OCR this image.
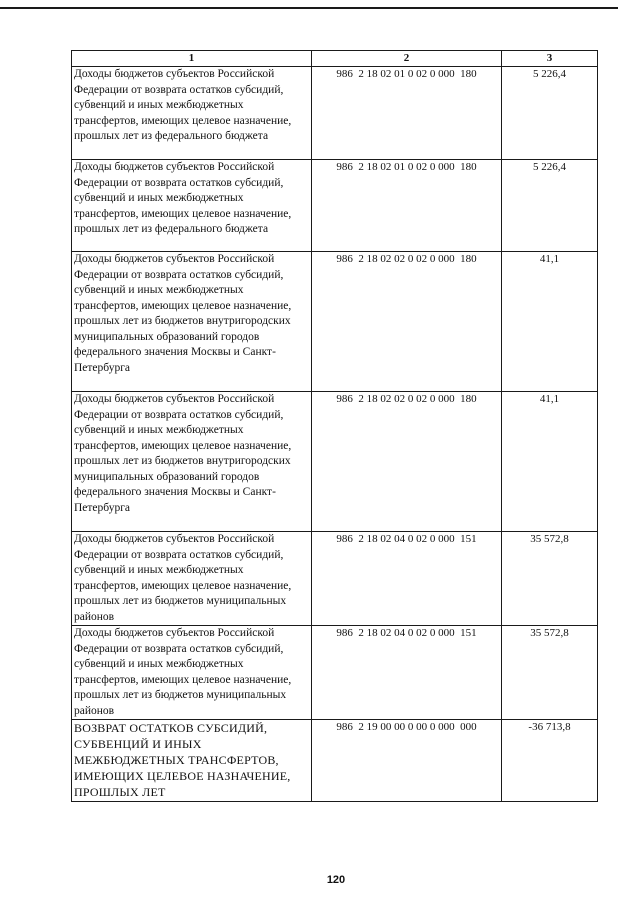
1	2	3
Доходы бюджетов субъектов Российской Федерации от возврата остатков субсидий, субвенций и иных межбюджетных трансфертов, имеющих целевое назначение, прошлых лет из федерального бюджета	986  2 18 02 01 0 02 0 000  180	5 226,4
Доходы бюджетов субъектов Российской Федерации от возврата остатков субсидий, субвенций и иных межбюджетных трансфертов, имеющих целевое назначение, прошлых лет из федерального бюджета	986  2 18 02 01 0 02 0 000  180	5 226,4
Доходы бюджетов субъектов Российской Федерации от возврата остатков субсидий, субвенций и иных межбюджетных трансфертов, имеющих целевое назначение, прошлых лет из бюджетов внутригородских муниципальных образований городов федерального значения Москвы и Санкт-Петербурга	986  2 18 02 02 0 02 0 000  180	41,1
Доходы бюджетов субъектов Российской Федерации от возврата остатков субсидий, субвенций и иных межбюджетных трансфертов, имеющих целевое назначение, прошлых лет из бюджетов внутригородских муниципальных образований городов федерального значения Москвы и Санкт-Петербурга	986  2 18 02 02 0 02 0 000  180	41,1
Доходы бюджетов субъектов Российской Федерации от возврата остатков субсидий, субвенций и иных межбюджетных трансфертов, имеющих целевое назначение, прошлых лет из бюджетов муниципальных районов	986  2 18 02 04 0 02 0 000  151	35 572,8
Доходы бюджетов субъектов Российской Федерации от возврата остатков субсидий, субвенций и иных межбюджетных трансфертов, имеющих целевое назначение, прошлых лет из бюджетов муниципальных районов	986  2 18 02 04 0 02 0 000  151	35 572,8
ВОЗВРАТ ОСТАТКОВ СУБСИДИЙ, СУБВЕНЦИЙ И ИНЫХ МЕЖБЮДЖЕТНЫХ ТРАНСФЕРТОВ, ИМЕЮЩИХ ЦЕЛЕВОЕ НАЗНАЧЕНИЕ, ПРОШЛЫХ ЛЕТ	986  2 19 00 00 0 00 0 000  000	-36 713,8
120
